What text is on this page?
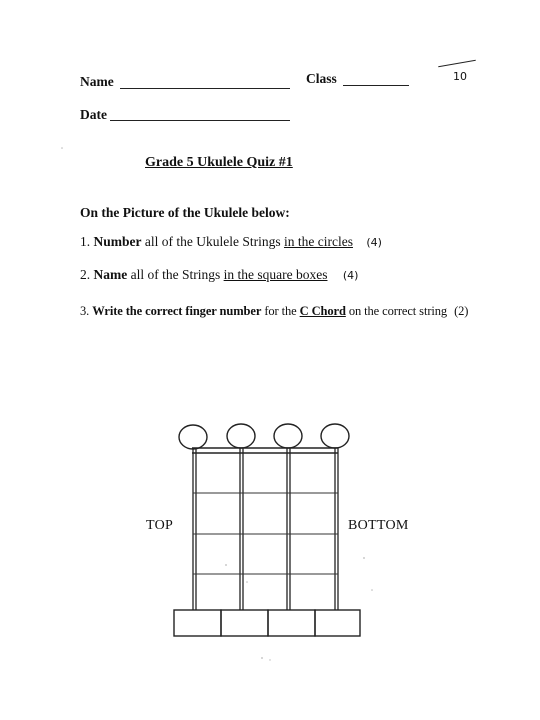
Name	Class	10
Date
Grade 5 Ukulele Quiz #1
On the Picture of the Ukulele below:
1. Number all of the Ukulele Strings in the circles (4)
2. Name all of the Strings in the square boxes (4)
3. Write the correct finger number for the C Chord on the correct string (2)
TOP	BOTTOM
